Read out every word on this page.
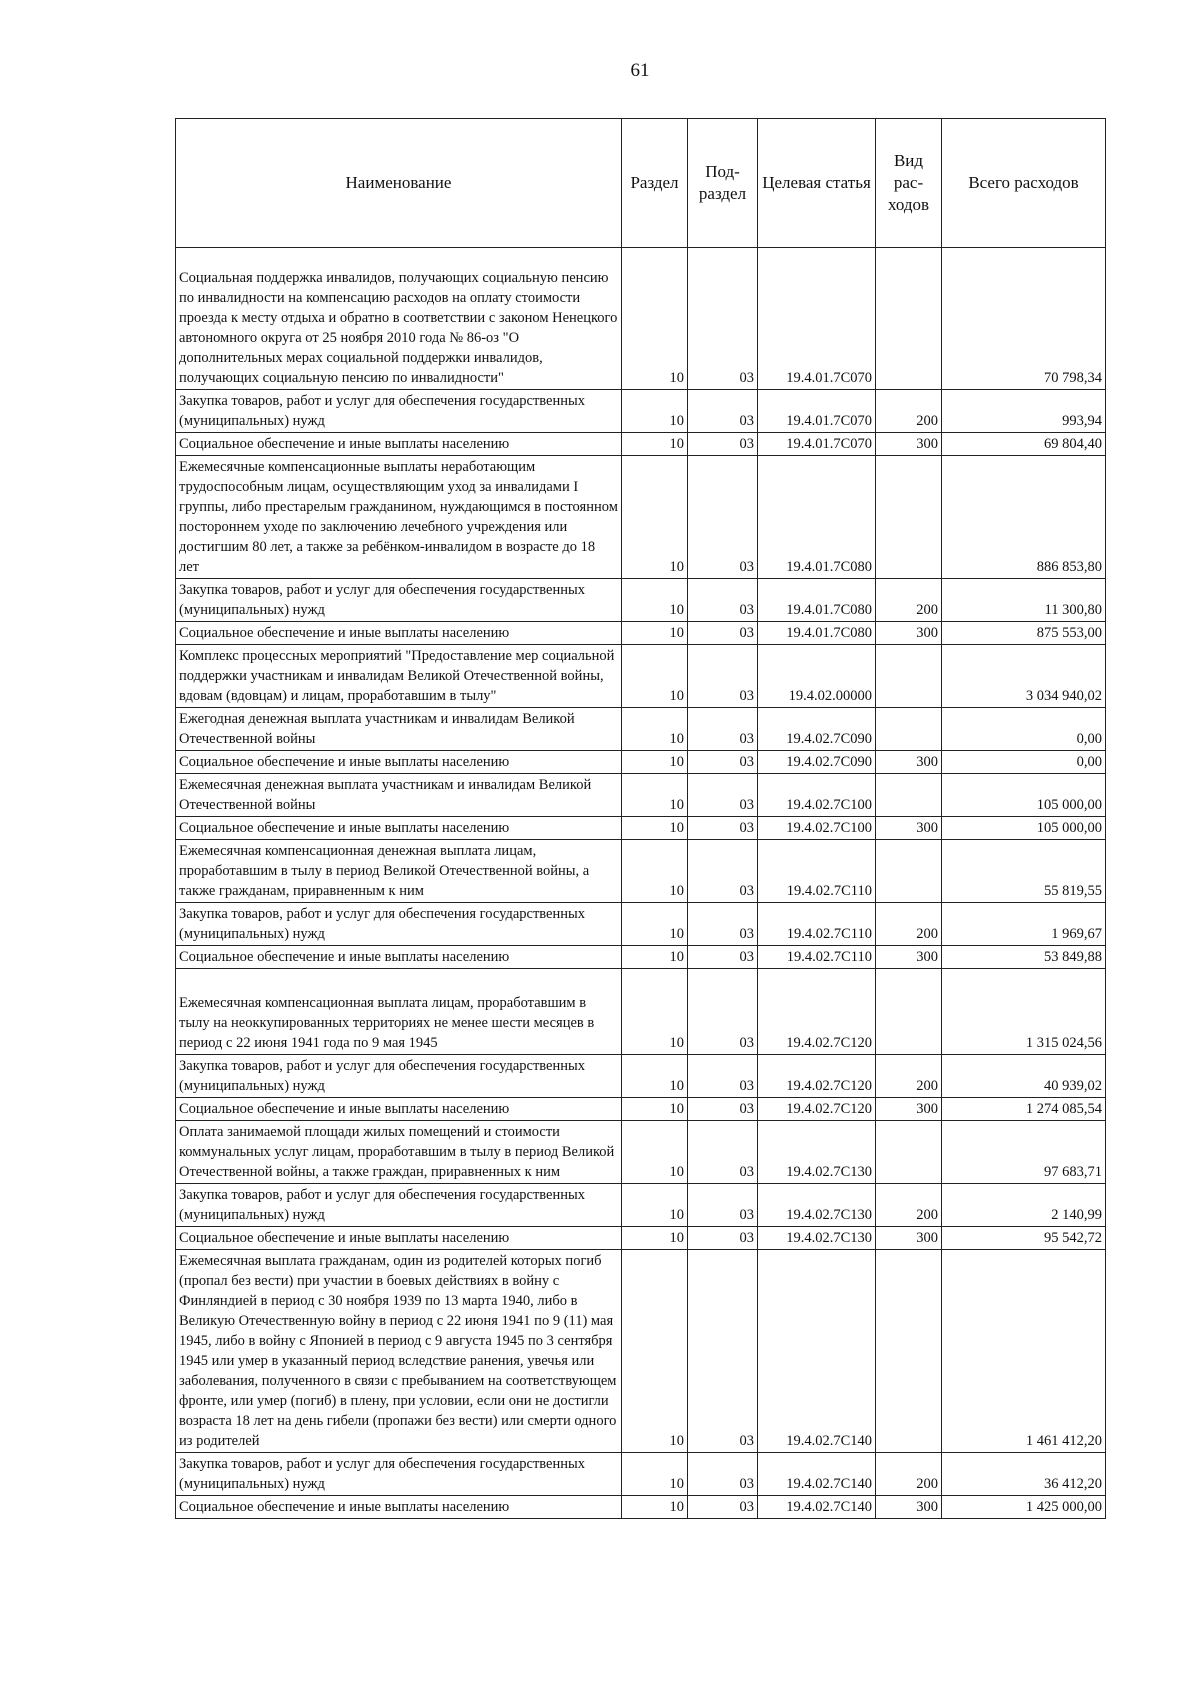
61
Наименование	Раздел	Под-раздел	Целевая статья	Вид рас-ходов	Всего расходов
Социальная поддержка инвалидов, получающих социальную пенсию по инвалидности на компенсацию расходов на оплату стоимости проезда к месту отдыха и обратно в соответствии с законом Ненецкого автономного округа от 25 ноября 2010 года № 86-оз "О дополнительных мерах социальной поддержки инвалидов, получающих социальную пенсию по инвалидности"	10	03	19.4.01.7С070		70 798,34
Закупка товаров, работ и услуг для обеспечения государственных (муниципальных) нужд	10	03	19.4.01.7С070	200	993,94
Социальное обеспечение и иные выплаты населению	10	03	19.4.01.7С070	300	69 804,40
Ежемесячные компенсационные выплаты неработающим трудоспособным лицам, осуществляющим уход за инвалидами I группы, либо престарелым гражданином, нуждающимся в постоянном постороннем уходе по заключению лечебного учреждения или достигшим 80 лет, а также за ребёнком-инвалидом в возрасте до 18 лет	10	03	19.4.01.7С080		886 853,80
Закупка товаров, работ и услуг для обеспечения государственных (муниципальных) нужд	10	03	19.4.01.7С080	200	11 300,80
Социальное обеспечение и иные выплаты населению	10	03	19.4.01.7С080	300	875 553,00
Комплекс процессных мероприятий "Предоставление мер социальной поддержки участникам и инвалидам Великой Отечественной войны, вдовам (вдовцам) и лицам, проработавшим в тылу"	10	03	19.4.02.00000		3 034 940,02
Ежегодная денежная выплата участникам и инвалидам Великой Отечественной войны	10	03	19.4.02.7С090		0,00
Социальное обеспечение и иные выплаты населению	10	03	19.4.02.7С090	300	0,00
Ежемесячная денежная выплата участникам и инвалидам Великой Отечественной войны	10	03	19.4.02.7С100		105 000,00
Социальное обеспечение и иные выплаты населению	10	03	19.4.02.7С100	300	105 000,00
Ежемесячная компенсационная денежная выплата лицам, проработавшим в тылу в период Великой Отечественной войны, а также гражданам, приравненным к ним	10	03	19.4.02.7С110		55 819,55
Закупка товаров, работ и услуг для обеспечения государственных (муниципальных) нужд	10	03	19.4.02.7С110	200	1 969,67
Социальное обеспечение и иные выплаты населению	10	03	19.4.02.7С110	300	53 849,88
Ежемесячная компенсационная выплата лицам, проработавшим в тылу на неоккупированных территориях не менее шести месяцев в период с 22 июня 1941 года по 9 мая 1945	10	03	19.4.02.7С120		1 315 024,56
Закупка товаров, работ и услуг для обеспечения государственных (муниципальных) нужд	10	03	19.4.02.7С120	200	40 939,02
Социальное обеспечение и иные выплаты населению	10	03	19.4.02.7С120	300	1 274 085,54
Оплата занимаемой площади жилых помещений и стоимости коммунальных услуг лицам, проработавшим в тылу в период Великой Отечественной войны, а также граждан, приравненных к ним	10	03	19.4.02.7С130		97 683,71
Закупка товаров, работ и услуг для обеспечения государственных (муниципальных) нужд	10	03	19.4.02.7С130	200	2 140,99
Социальное обеспечение и иные выплаты населению	10	03	19.4.02.7С130	300	95 542,72
Ежемесячная выплата гражданам, один из родителей которых погиб (пропал без вести) при участии в боевых действиях в войну с Финляндией в период с 30 ноября 1939 по 13 марта 1940, либо в Великую Отечественную войну в период с 22 июня 1941 по 9 (11) мая 1945, либо в войну с Японией в период с 9 августа 1945 по 3 сентября 1945 или умер в указанный период вследствие ранения, увечья или заболевания, полученного в связи с пребыванием на соответствующем фронте, или умер (погиб) в плену, при условии, если они не достигли возраста 18 лет на день гибели (пропажи без вести) или смерти одного из родителей	10	03	19.4.02.7С140		1 461 412,20
Закупка товаров, работ и услуг для обеспечения государственных (муниципальных) нужд	10	03	19.4.02.7С140	200	36 412,20
Социальное обеспечение и иные выплаты населению	10	03	19.4.02.7С140	300	1 425 000,00
